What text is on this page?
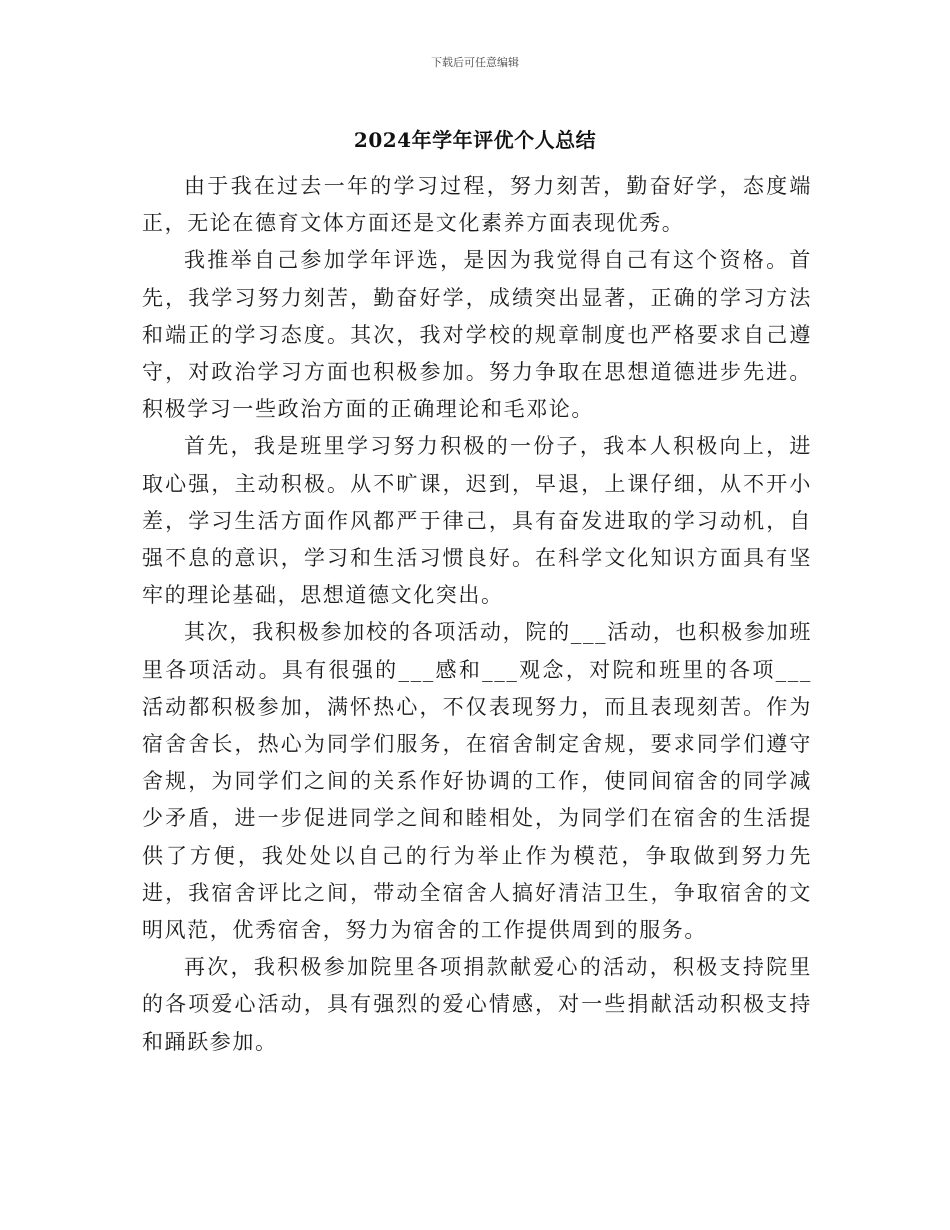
下载后可任意编辑
2024年学年评优个人总结

由于我在过去一年的学习过程，努力刻苦，勤奋好学，态度端正，无论在德育文体方面还是文化素养方面表现优秀。

我推举自己参加学年评选，是因为我觉得自己有这个资格。首先，我学习努力刻苦，勤奋好学，成绩突出显著，正确的学习方法和端正的学习态度。其次，我对学校的规章制度也严格要求自己遵守，对政治学习方面也积极参加。努力争取在思想道德进步先进。积极学习一些政治方面的正确理论和毛邓论。

首先，我是班里学习努力积极的一份子，我本人积极向上，进取心强，主动积极。从不旷课，迟到，早退，上课仔细，从不开小差，学习生活方面作风都严于律己，具有奋发进取的学习动机，自强不息的意识，学习和生活习惯良好。在科学文化知识方面具有坚牢的理论基础，思想道德文化突出。

其次，我积极参加校的各项活动，院的___活动，也积极参加班里各项活动。具有很强的___感和___观念，对院和班里的各项___活动都积极参加，满怀热心，不仅表现努力，而且表现刻苦。作为宿舍舍长，热心为同学们服务，在宿舍制定舍规，要求同学们遵守舍规，为同学们之间的关系作好协调的工作，使同间宿舍的同学减少矛盾，进一步促进同学之间和睦相处，为同学们在宿舍的生活提供了方便，我处处以自己的行为举止作为模范，争取做到努力先进，我宿舍评比之间，带动全宿舍人搞好清洁卫生，争取宿舍的文明风范，优秀宿舍，努力为宿舍的工作提供周到的服务。

再次，我积极参加院里各项捐款献爱心的活动，积极支持院里的各项爱心活动，具有强烈的爱心情感，对一些捐献活动积极支持和踊跃参加。
